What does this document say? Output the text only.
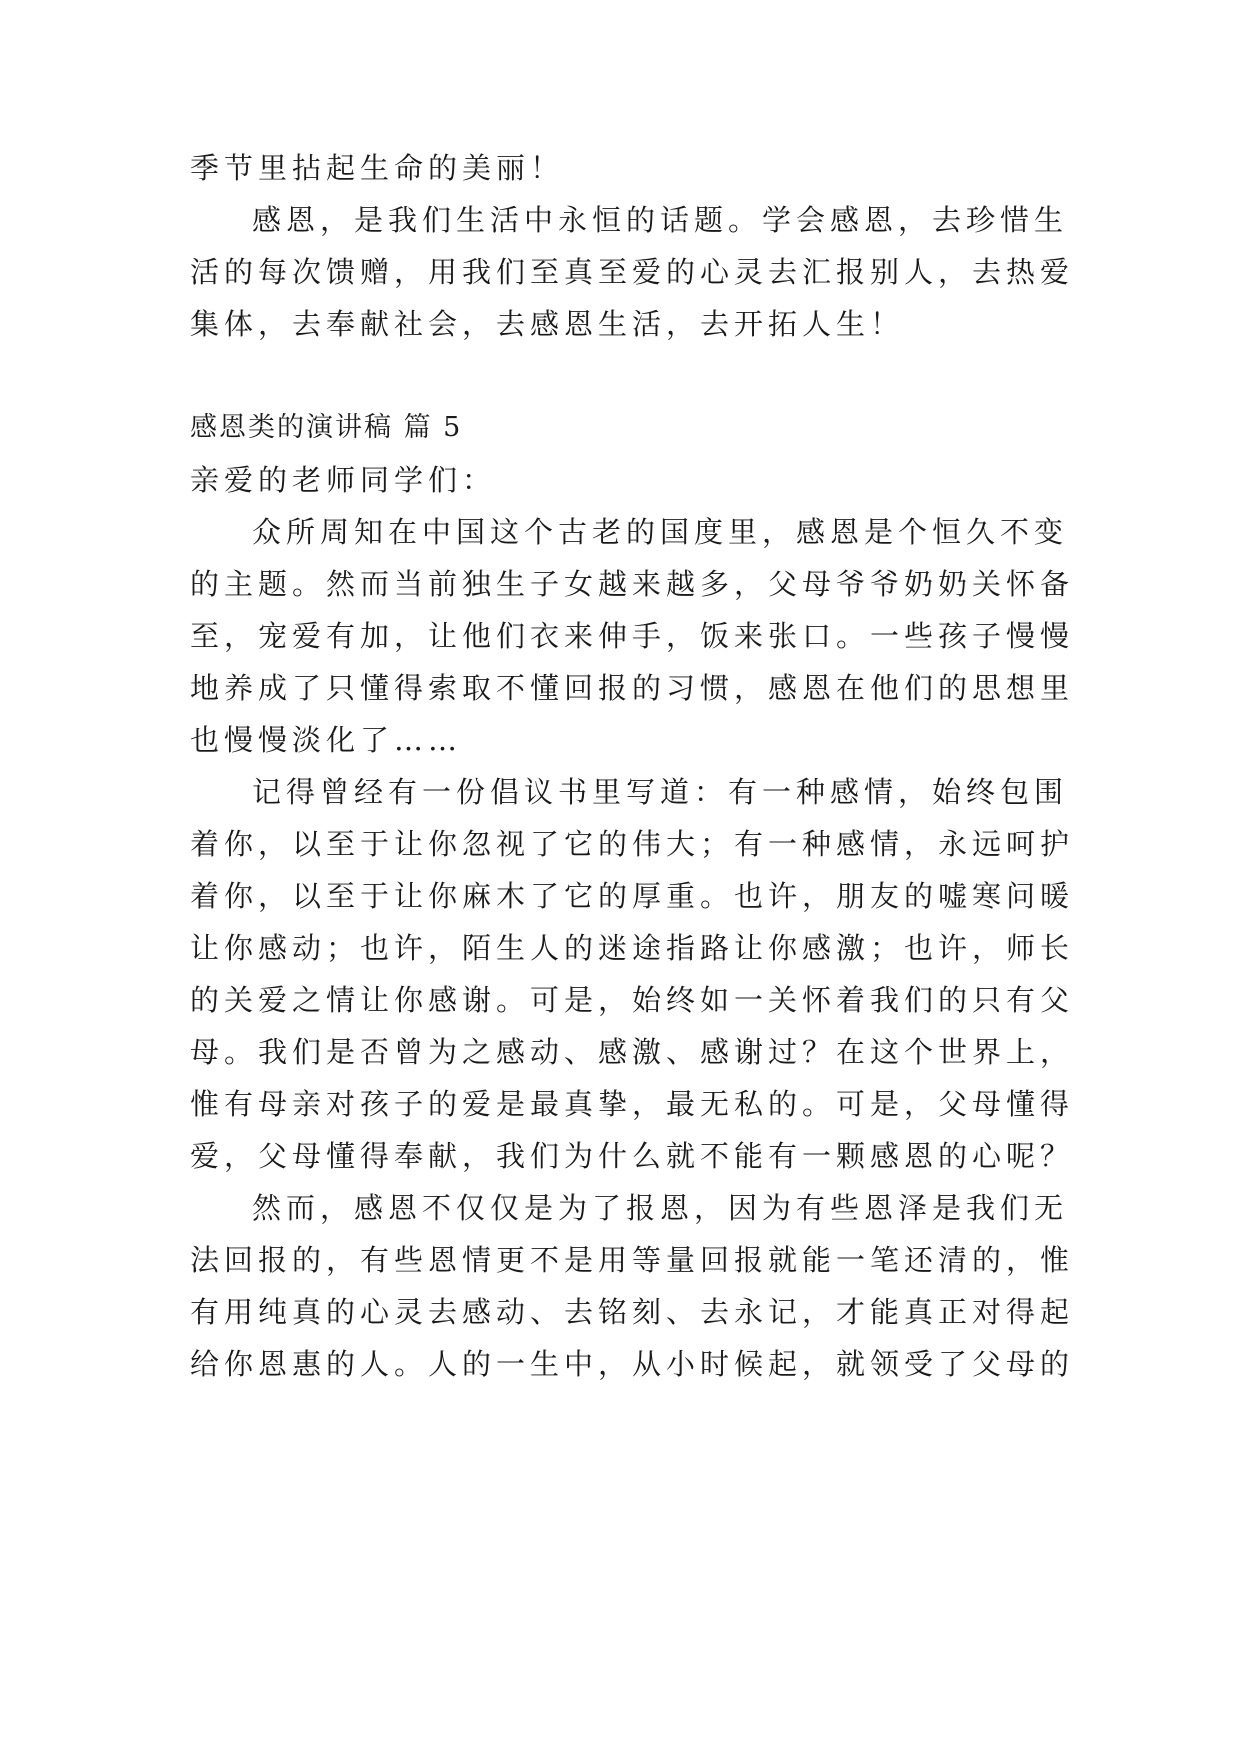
季节里拈起生命的美丽！
感恩，是我们生活中永恒的话题。学会感恩，去珍惜生
活的每次馈赠，用我们至真至爱的心灵去汇报别人，去热爱
集体，去奉献社会，去感恩生活，去开拓人生！
感恩类的演讲稿 篇 5
亲爱的老师同学们：
众所周知在中国这个古老的国度里，感恩是个恒久不变
的主题。然而当前独生子女越来越多，父母爷爷奶奶关怀备
至，宠爱有加，让他们衣来伸手，饭来张口。一些孩子慢慢
地养成了只懂得索取不懂回报的习惯，感恩在他们的思想里
也慢慢淡化了……
记得曾经有一份倡议书里写道：有一种感情，始终包围
着你，以至于让你忽视了它的伟大；有一种感情，永远呵护
着你，以至于让你麻木了它的厚重。也许，朋友的嘘寒问暖
让你感动；也许，陌生人的迷途指路让你感激；也许，师长
的关爱之情让你感谢。可是，始终如一关怀着我们的只有父
母。我们是否曾为之感动、感激、感谢过？在这个世界上，
惟有母亲对孩子的爱是最真挚，最无私的。可是，父母懂得
爱，父母懂得奉献，我们为什么就不能有一颗感恩的心呢？
然而，感恩不仅仅是为了报恩，因为有些恩泽是我们无
法回报的，有些恩情更不是用等量回报就能一笔还清的，惟
有用纯真的心灵去感动、去铭刻、去永记，才能真正对得起
给你恩惠的人。人的一生中，从小时候起，就领受了父母的
